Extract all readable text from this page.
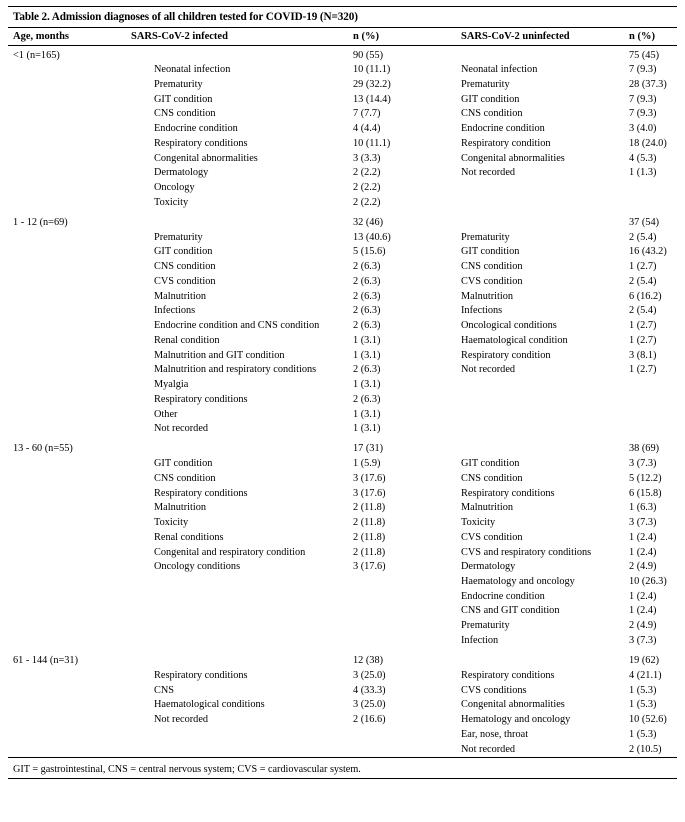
Table 2. Admission diagnoses of all children tested for COVID-19 (N=320)
Age, months	SARS-CoV-2 infected	n (%)	SARS-CoV-2 uninfected	n (%)
<1 (n=165)		90 (55)		75 (45)
	Neonatal infection	10 (11.1)	Neonatal infection	7 (9.3)
	Prematurity	29 (32.2)	Prematurity	28 (37.3)
	GIT condition	13 (14.4)	GIT condition	7 (9.3)
	CNS condition	7 (7.7)	CNS condition	7 (9.3)
	Endocrine condition	4 (4.4)	Endocrine condition	3 (4.0)
	Respiratory conditions	10 (11.1)	Respiratory condition	18 (24.0)
	Congenital abnormalities	3 (3.3)	Congenital abnormalities	4 (5.3)
	Dermatology	2 (2.2)	Not recorded	1 (1.3)
	Oncology	2 (2.2)		
	Toxicity	2 (2.2)		

1 - 12 (n=69)		32 (46)		37 (54)
	Prematurity	13 (40.6)	Prematurity	2 (5.4)
	GIT condition	5 (15.6)	GIT condition	16 (43.2)
	CNS condition	2 (6.3)	CNS condition	1 (2.7)
	CVS condition	2 (6.3)	CVS condition	2 (5.4)
	Malnutrition	2 (6.3)	Malnutrition	6 (16.2)
	Infections	2 (6.3)	Infections	2 (5.4)
	Endocrine condition and CNS condition	2 (6.3)	Oncological conditions	1 (2.7)
	Renal condition	1 (3.1)	Haematological condition	1 (2.7)
	Malnutrition and GIT condition	1 (3.1)	Respiratory condition	3 (8.1)
	Malnutrition and respiratory conditions	2 (6.3)	Not recorded	1 (2.7)
	Myalgia	1 (3.1)		
	Respiratory conditions	2 (6.3)		
	Other	1 (3.1)		
	Not recorded	1 (3.1)		

13 - 60 (n=55)		17 (31)		38 (69)
	GIT condition	1 (5.9)	GIT condition	3 (7.3)
	CNS condition	3 (17.6)	CNS condition	5 (12.2)
	Respiratory conditions	3 (17.6)	Respiratory conditions	6 (15.8)
	Malnutrition	2 (11.8)	Malnutrition	1 (6.3)
	Toxicity	2 (11.8)	Toxicity	3 (7.3)
	Renal conditions	2 (11.8)	CVS condition	1 (2.4)
	Congenital and respiratory condition	2 (11.8)	CVS and respiratory conditions	1 (2.4)
	Oncology conditions	3 (17.6)	Dermatology	2 (4.9)
			Haematology and oncology	10 (26.3)
			Endocrine condition	1 (2.4)
			CNS and GIT condition	1 (2.4)
			Prematurity	2 (4.9)
			Infection	3 (7.3)

61 - 144 (n=31)		12 (38)		19 (62)
	Respiratory conditions	3 (25.0)	Respiratory conditions	4 (21.1)
	CNS	4 (33.3)	CVS conditions	1 (5.3)
	Haematological conditions	3 (25.0)	Congenital abnormalities	1 (5.3)
	Not recorded	2 (16.6)	Hematology and oncology	10 (52.6)
			Ear, nose, throat	1 (5.3)
			Not recorded	2 (10.5)
GIT = gastrointestinal, CNS = central nervous system; CVS = cardiovascular system.
